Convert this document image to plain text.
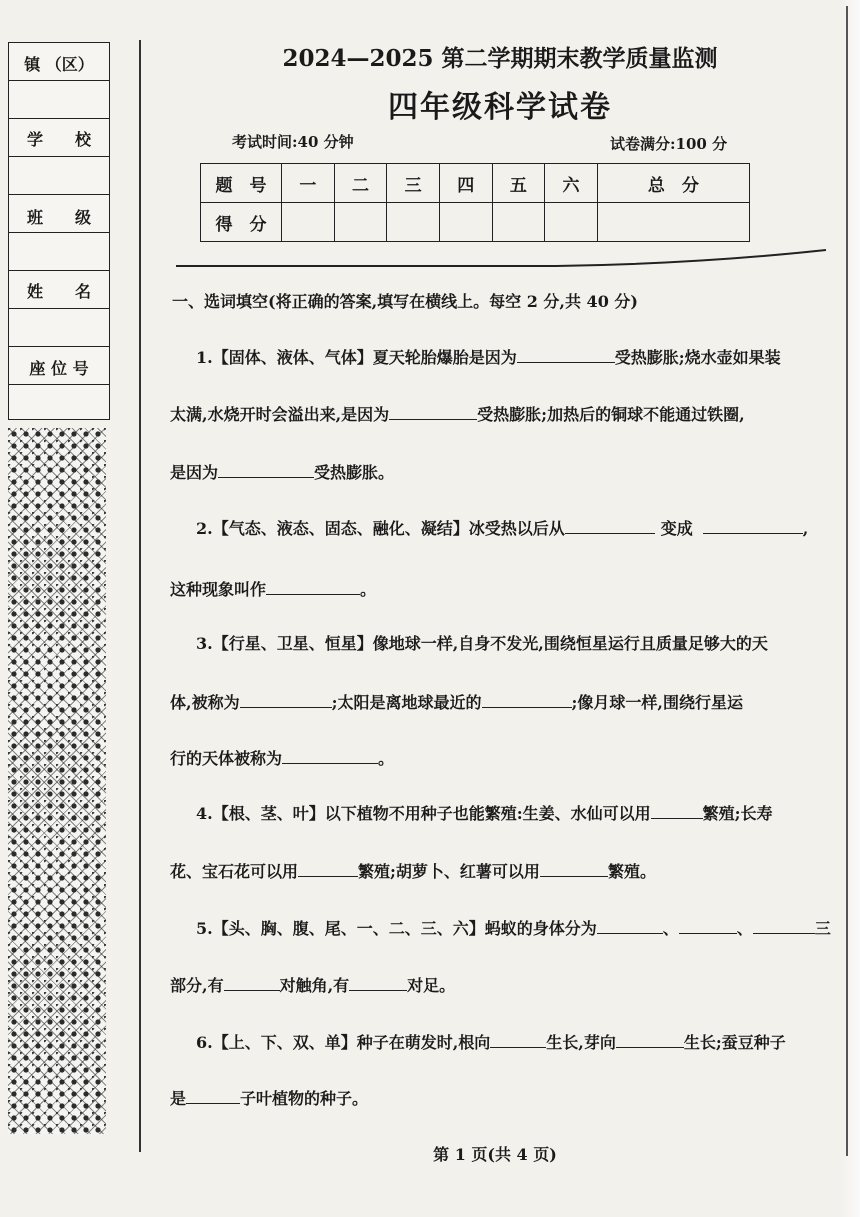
镇 （区）
学　　校
班　　级
姓　　名
座 位 号
2024—2025 第二学期期末教学质量监测
四年级科学试卷
考试时间:40 分钟	试卷满分:100 分
题　号	一	二	三	四	五	六	总　分
得　分							
一、选词填空(将正确的答案,填写在横线上。每空 2 分,共 40 分)
1.【固体、液体、气体】夏天轮胎爆胎是因为	受热膨胀;烧水壶如果装
太满,水烧开时会溢出来,是因为	受热膨胀;加热后的铜球不能通过铁圈,
是因为	受热膨胀。
2.【气态、液态、固态、融化、凝结】冰受热以后从	变成	,
这种现象叫作	。
3.【行星、卫星、恒星】像地球一样,自身不发光,围绕恒星运行且质量足够大的天
体,被称为	;太阳是离地球最近的	;像月球一样,围绕行星运
行的天体被称为	。
4.【根、茎、叶】以下植物不用种子也能繁殖:生姜、水仙可以用	繁殖;长寿
花、宝石花可以用	繁殖;胡萝卜、红薯可以用	繁殖。
5.【头、胸、腹、尾、一、二、三、六】蚂蚁的身体分为	、	、	三
部分,有	对触角,有	对足。
6.【上、下、双、单】种子在萌发时,根向	生长,芽向	生长;蚕豆种子
是	子叶植物的种子。
第 1 页(共 4 页)
